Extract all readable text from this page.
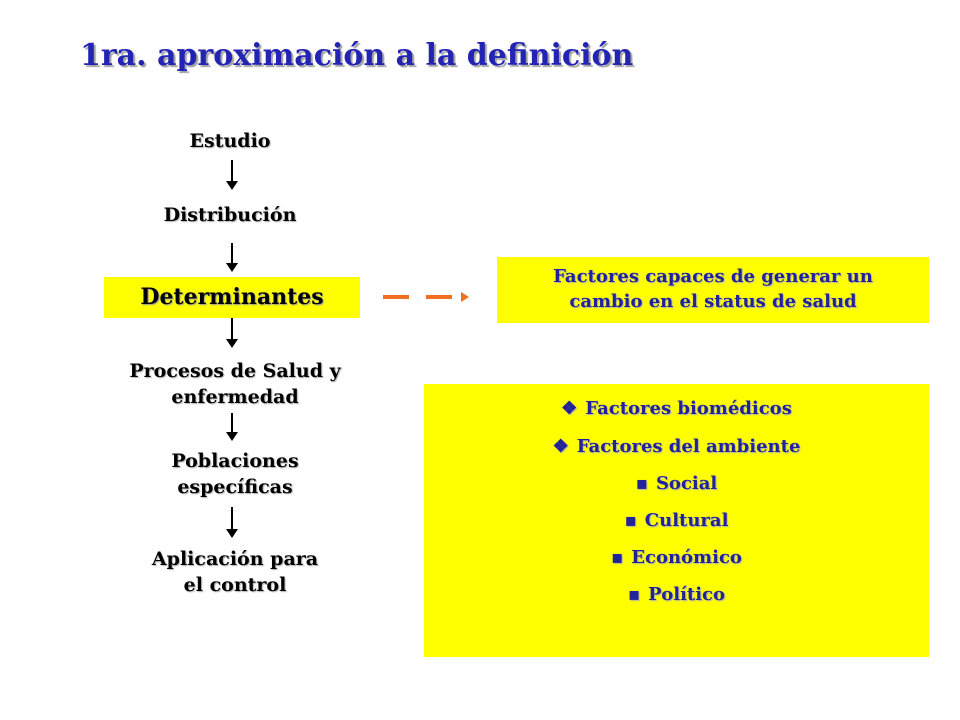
1ra. aproximación a la definición
Estudio
Distribución
Determinantes
Procesos de Salud y
enfermedad
Poblaciones
específicas
Aplicación para
el control
Factores capaces de generar un
cambio en el status de salud
❖ Factores biomédicos
❖ Factores del ambiente
▪ Social
▪ Cultural
▪ Económico
▪ Político
